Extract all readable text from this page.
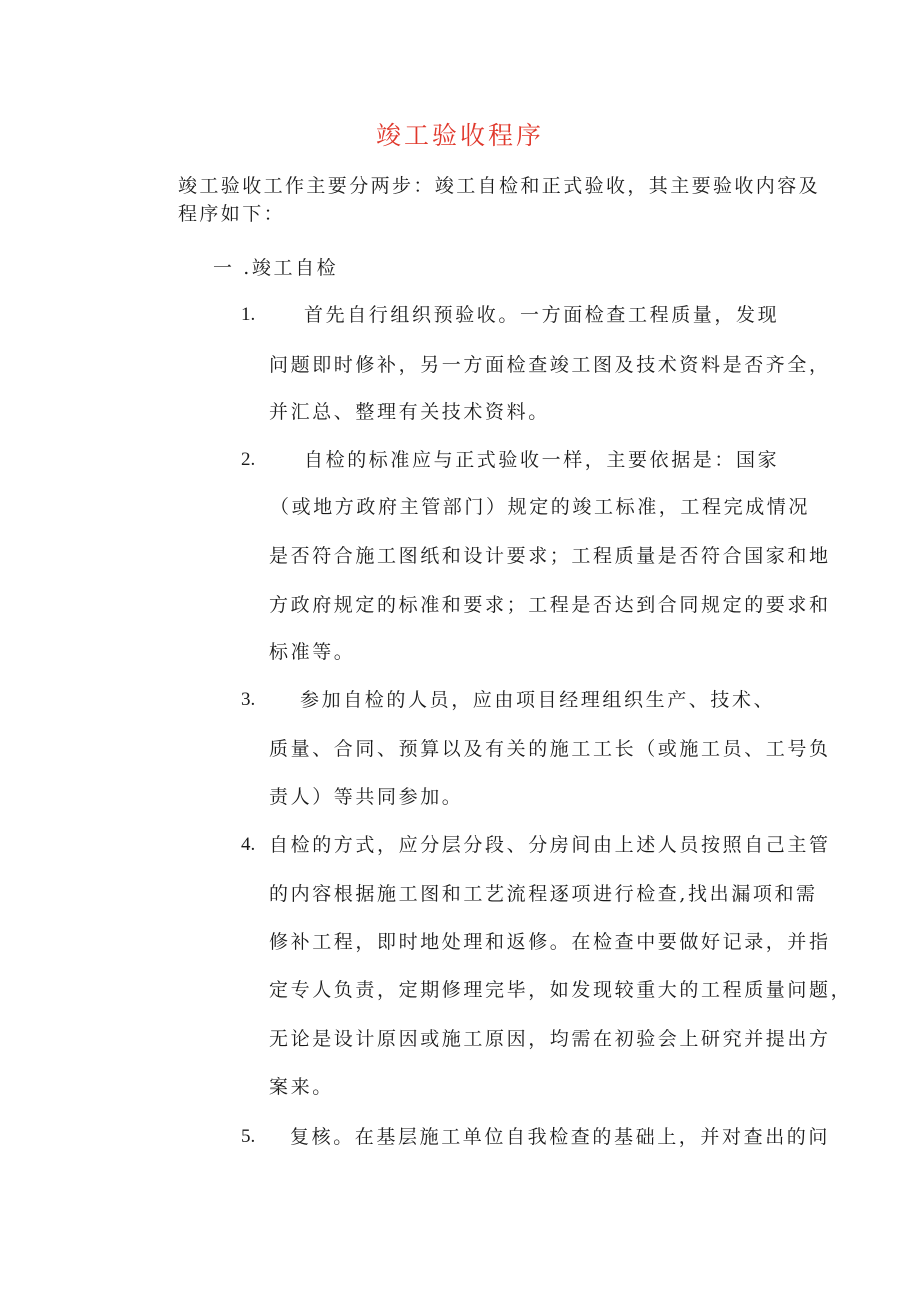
竣工验收程序
竣工验收工作主要分两步：竣工自检和正式验收，其主要验收内容及
程序如下：
一 .竣工自检
1.	首先自行组织预验收。一方面检查工程质量，发现
问题即时修补，另一方面检查竣工图及技术资料是否齐全，
并汇总、整理有关技术资料。
2.	自检的标准应与正式验收一样，主要依据是：国家
（或地方政府主管部门）规定的竣工标准，工程完成情况
是否符合施工图纸和设计要求；工程质量是否符合国家和地
方政府规定的标准和要求；工程是否达到合同规定的要求和
标准等。
3. 参加自检的人员，应由项目经理组织生产、技术、
质量、合同、预算以及有关的施工工长（或施工员、工号负
责人）等共同参加。
4. 自检的方式，应分层分段、分房间由上述人员按照自己主管
的内容根据施工图和工艺流程逐项进行检查,找出漏项和需
修补工程，即时地处理和返修。在检查中要做好记录，并指
定专人负责，定期修理完毕，如发现较重大的工程质量问题，
无论是设计原因或施工原因，均需在初验会上研究并提出方
案来。
5. 复核。在基层施工单位自我检查的基础上，并对查出的问
